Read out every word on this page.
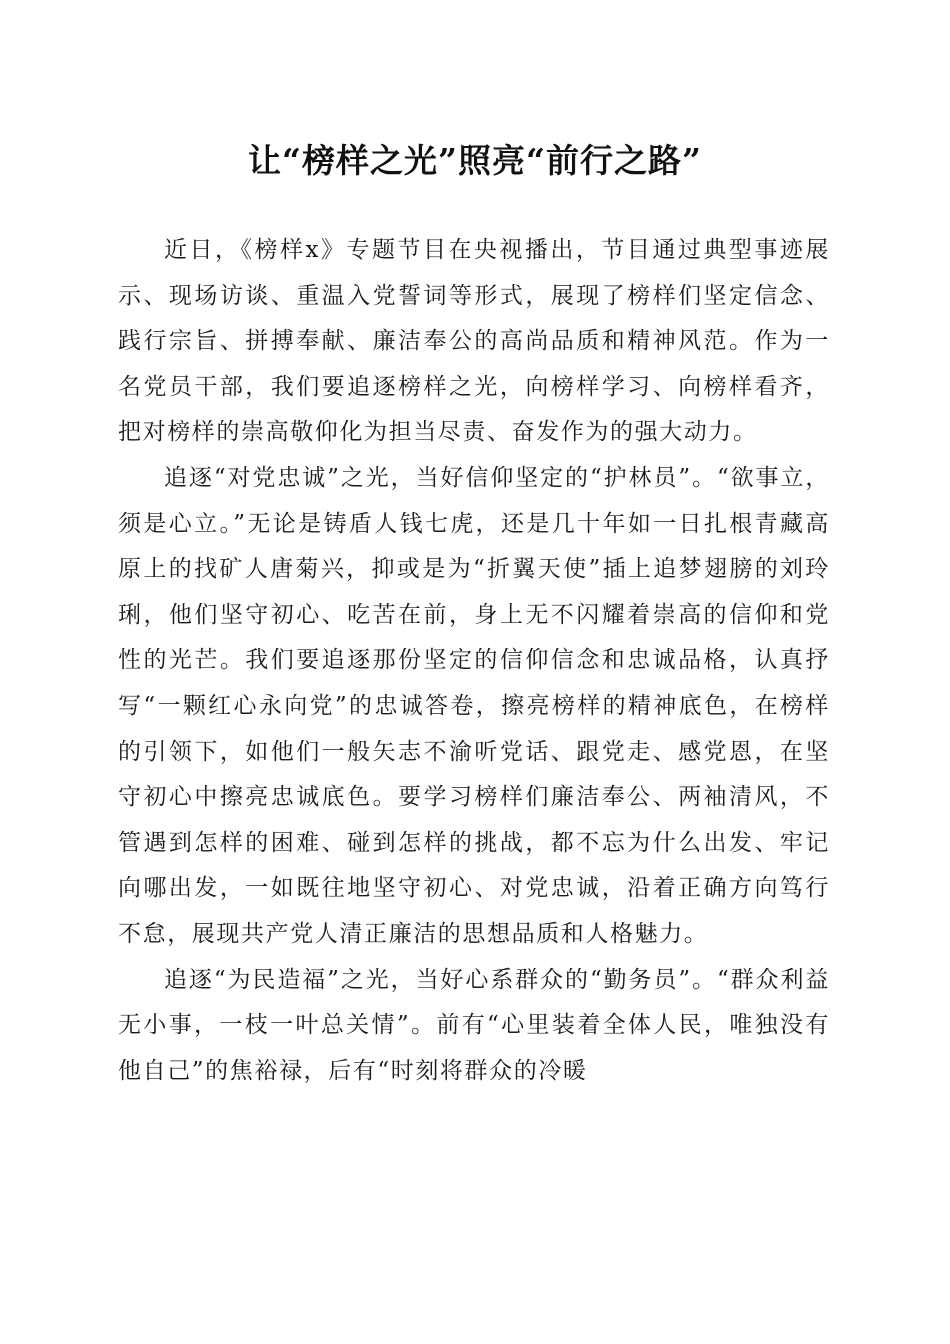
让“榜样之光”照亮“前行之路”

近日，《榜样x》专题节目在央视播出，节目通过典型事迹展示、现场访谈、重温入党誓词等形式，展现了榜样们坚定信念、践行宗旨、拼搏奉献、廉洁奉公的高尚品质和精神风范。作为一名党员干部，我们要追逐榜样之光，向榜样学习、向榜样看齐，把对榜样的崇高敬仰化为担当尽责、奋发作为的强大动力。

追逐“对党忠诚”之光，当好信仰坚定的“护林员”。“欲事立，须是心立。”无论是铸盾人钱七虎，还是几十年如一日扎根青藏高原上的找矿人唐菊兴，抑或是为“折翼天使”插上追梦翅膀的刘玲琍，他们坚守初心、吃苦在前，身上无不闪耀着崇高的信仰和党性的光芒。我们要追逐那份坚定的信仰信念和忠诚品格，认真抒写“一颗红心永向党”的忠诚答卷，擦亮榜样的精神底色，在榜样的引领下，如他们一般矢志不渝听党话、跟党走、感党恩，在坚守初心中擦亮忠诚底色。要学习榜样们廉洁奉公、两袖清风，不管遇到怎样的困难、碰到怎样的挑战，都不忘为什么出发、牢记向哪出发，一如既往地坚守初心、对党忠诚，沿着正确方向笃行不怠，展现共产党人清正廉洁的思想品质和人格魅力。

追逐“为民造福”之光，当好心系群众的“勤务员”。“群众利益无小事，一枝一叶总关情”。前有“心里装着全体人民，唯独没有他自己”的焦裕禄，后有“时刻将群众的冷暖
